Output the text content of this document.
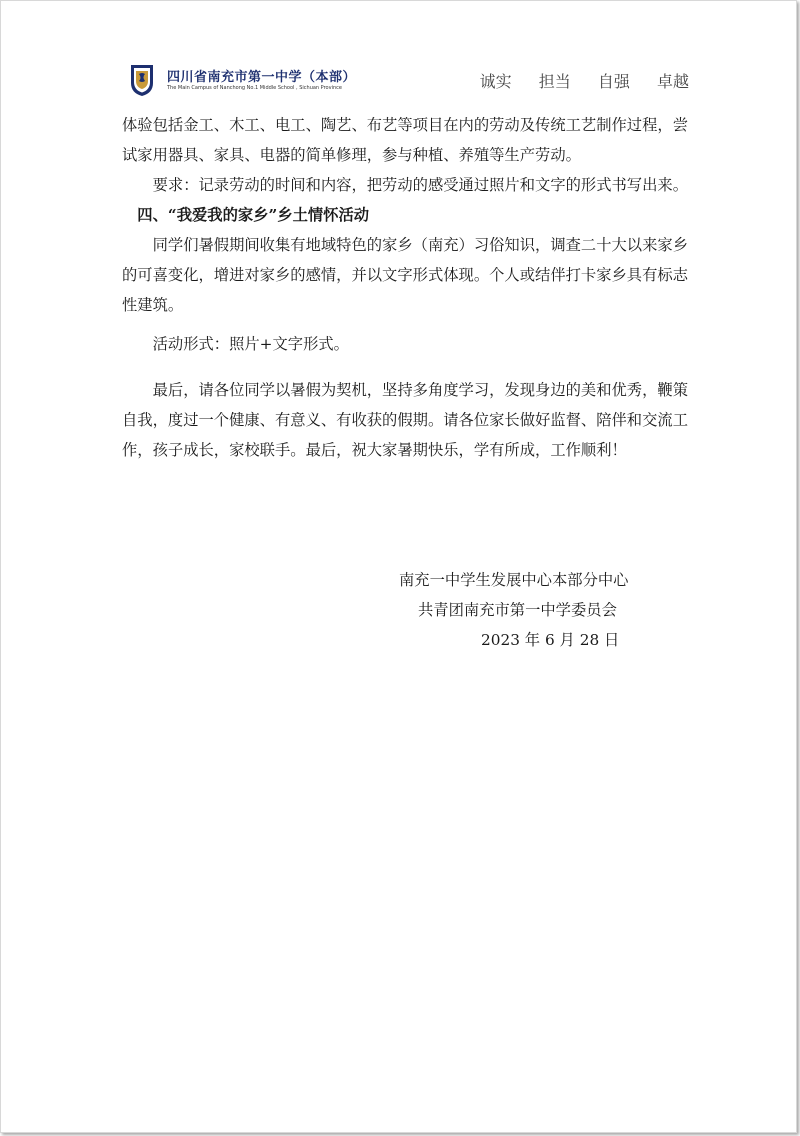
四川省南充市第一中学（本部）
The Main Campus of Nanchong No.1 Middle School , Sichuan Province	诚实 担当 自强 卓越

体验包括金工、木工、电工、陶艺、布艺等项目在内的劳动及传统工艺制作过程，尝试家用器具、家具、电器的简单修理，参与种植、养殖等生产劳动。

要求：记录劳动的时间和内容，把劳动的感受通过照片和文字的形式书写出来。

四、“我爱我的家乡”乡土情怀活动

同学们暑假期间收集有地域特色的家乡（南充）习俗知识，调查二十大以来家乡的可喜变化，增进对家乡的感情，并以文字形式体现。个人或结伴打卡家乡具有标志性建筑。

活动形式：照片+文字形式。

最后，请各位同学以暑假为契机，坚持多角度学习，发现身边的美和优秀，鞭策自我，度过一个健康、有意义、有收获的假期。请各位家长做好监督、陪伴和交流工作，孩子成长，家校联手。最后，祝大家暑期快乐，学有所成，工作顺利！

南充一中学生发展中心本部分中心

共青团南充市第一中学委员会

2023 年 6 月 28 日
